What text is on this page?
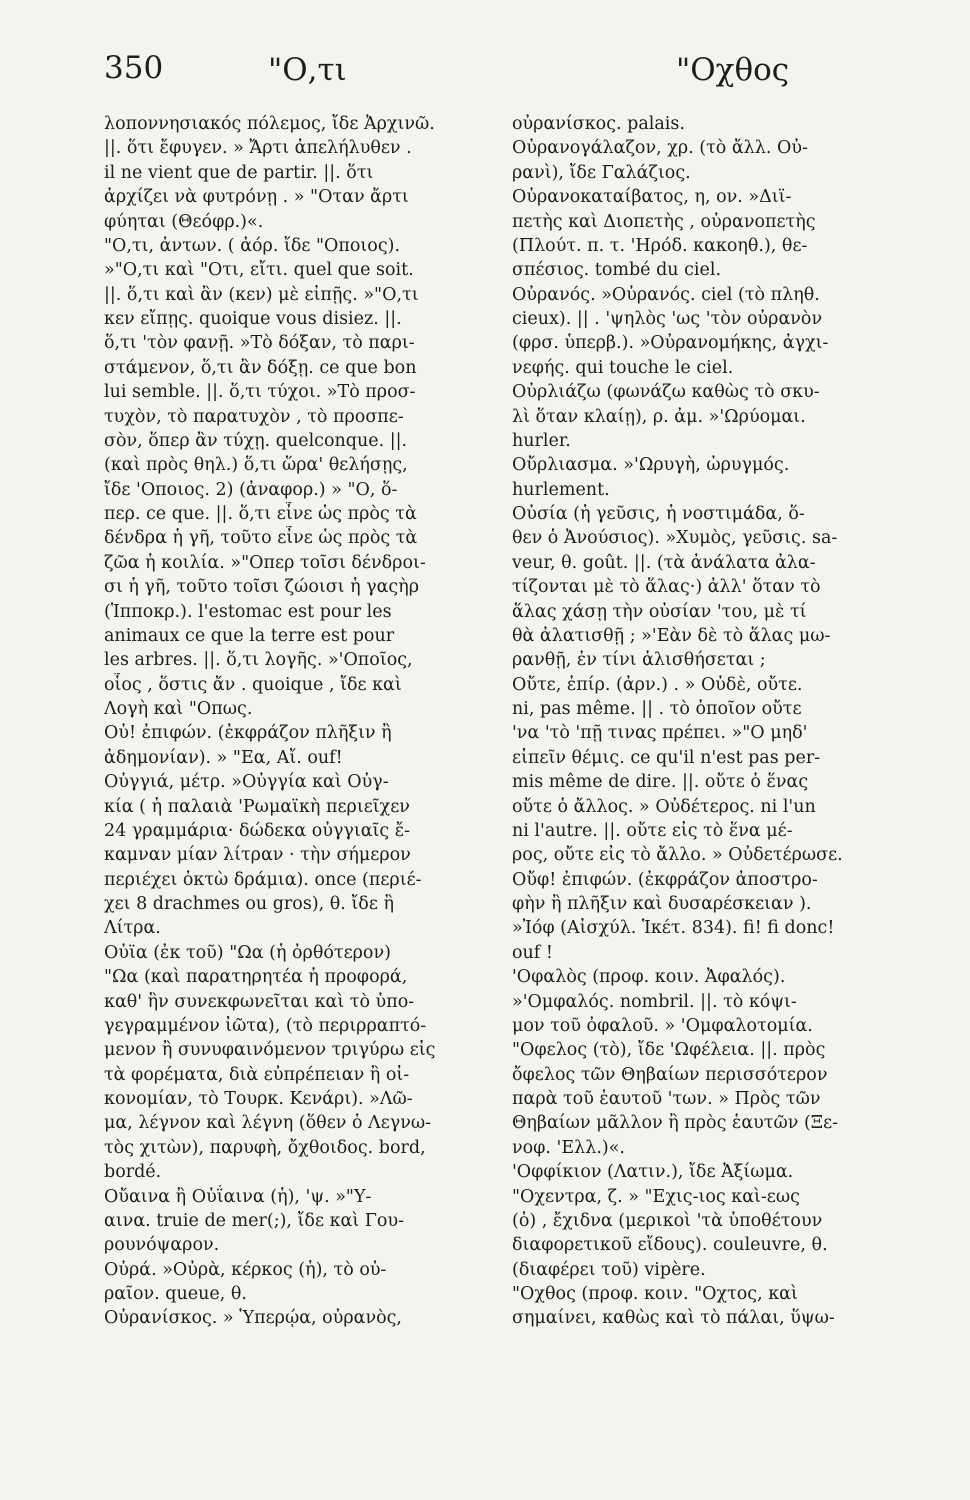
350	"Ο,τι	"Οχθος
λοποννησιακός πόλεμος, ἴδε Ἀρχινῶ.
||. ὅτι ἔφυγεν. » Ἄρτι ἀπελήλυθεν .
il ne vient que de partir. ||. ὅτι
ἀρχίζει νὰ φυτρόνῃ . » "Οταν ἄρτι
φύηται (Θεόφρ.)«.
"Ο,τι, ἀντων. ( ἀόρ. ἴδε "Οποιος).
»"Ο,τι καὶ "Οτι, εἴτι. quel que soit.
||. ὅ,τι καὶ ἂν (κεν) μὲ εἰπῇς. »"Ο,τι
κεν εἴπῃς. quoique vous disiez. ||.
ὅ,τι 'τὸν φανῇ. »Τὸ δόξαν, τὸ παρι-
στάμενον, ὅ,τι ἂν δόξῃ. ce que bon
lui semble. ||. ὅ,τι τύχοι. »Τὸ προσ-
τυχὸν, τὸ παρατυχὸν , τὸ προσπε-
σὸν, ὅπερ ἂν τύχῃ. quelconque. ||.
(καὶ πρὸς θηλ.) ὅ,τι ὥρα' θελήσῃς,
ἴδε 'Οποιος. 2) (ἀναφορ.) » "Ο, ὅ-
περ. ce que. ||. ὅ,τι εἶνε ὡς πρὸς τὰ
δένδρα ἡ γῆ, τοῦτο εἶνε ὡς πρὸς τὰ
ζῶα ἡ κοιλία. »"Οπερ τοῖσι δένδροι-
σι ἡ γῆ, τοῦτο τοῖσι ζώοισι ἡ γαςὴρ
(Ἱπποκρ.). l'estomac est pour les
animaux ce que la terre est pour
les arbres. ||. ὅ,τι λογῆς. »'Οποῖος,
οἷος , ὅστις ἄν . quoique , ἴδε καὶ
Λογὴ καὶ "Οπως.
Οὐ! ἐπιφών. (ἐκφράζον πλῆξιν ἢ
ἀδημονίαν). » "Εα, Αἴ. ouf!
Οὐγγιά, μέτρ. »Οὐγγία καὶ Οὐγ-
κία ( ἡ παλαιὰ 'Ρωμαϊκὴ περιεῖχεν
24 γραμμάρια· δώδεκα οὐγγιαῖς ἔ-
καμναν μίαν λίτραν · τὴν σήμερον
περιέχει ὀκτὼ δράμια). once (περιέ-
χει 8 drachmes ou gros), θ. ἴδε ἢ
Λίτρα.
Οὐϊα (ἐκ τοῦ) "Ωα (ἡ ὀρθότερον)
"Ωα (καὶ παρατηρητέα ἡ προφορά,
καθ' ἣν συνεκφωνεῖται καὶ τὸ ὑπο-
γεγραμμένον ἰῶτα), (τὸ περιρραπτό-
μενον ἢ συνυφαινόμενον τριγύρω εἰς
τὰ φορέματα, διὰ εὐπρέπειαν ἢ οἰ-
κονομίαν, τὸ Τουρκ. Κενάρι). »Λῶ-
μα, λέγνον καὶ λέγνη (ὅθεν ὁ Λεγνω-
τὸς χιτὼν), παρυφὴ, ὄχθοιδος. bord,
bordé.
Οὔαινα ἢ Οὐΐαινα (ἡ), 'ψ. »"Υ-
αινα. truie de mer(;), ἴδε καὶ Γου-
ρουνόψαρον.
Οὐρά. »Οὐρὰ, κέρκος (ἡ), τὸ οὐ-
ραῖον. queue, θ.
Οὐρανίσκος. » Ὑπερῴα, οὐρανὸς,
οὐρανίσκος. palais.
Οὐρανογάλαζον, χρ. (τὸ ἄλλ. Οὐ-
ρανὶ), ἴδε Γαλάζιος.
Οὐρανοκαταίβατος, η, ον. »Διϊ-
πετὴς καὶ Διοπετὴς , οὐρανοπετὴς
(Πλούτ. π. τ. 'Ηρόδ. κακοηθ.), θε-
σπέσιος. tombé du ciel.
Οὐρανός. »Οὐρανός. ciel (τὸ πληθ.
cieux). || . 'ψηλὸς 'ως 'τὸν οὐρανὸν
(φρσ. ὑπερβ.). »Οὐρανομήκης, ἀγχι-
νεφής. qui touche le ciel.
Οὐρλιάζω (φωνάζω καθὼς τὸ σκυ-
λὶ ὅταν κλαίῃ), ρ. ἀμ. »'Ωρύομαι.
hurler.
Οὔρλιασμα. »'Ωρυγὴ, ὠρυγμός.
hurlement.
Οὐσία (ἡ γεῦσις, ἡ νοστιμάδα, ὅ-
θεν ὁ Ἀνούσιος). »Χυμὸς, γεῦσις. sa-
veur, θ. goût. ||. (τὰ ἀνάλατα ἀλα-
τίζονται μὲ τὸ ἅλας·) ἀλλ' ὅταν τὸ
ἅλας χάσῃ τὴν οὐσίαν 'του, μὲ τί
θὰ ἀλατισθῇ ; »'Εὰν δὲ τὸ ἅλας μω-
ρανθῇ, ἐν τίνι ἁλισθήσεται ;
Οὔτε, ἐπίρ. (ἀρν.) . » Οὐδὲ, οὔτε.
ni, pas même. || . τὸ ὁποῖον οὔτε
'να 'τὸ 'πῇ τινας πρέπει. »"Ο μηδ'
εἰπεῖν θέμις. ce qu'il n'est pas per-
mis même de dire. ||. οὔτε ὁ ἕνας
οὔτε ὁ ἄλλος. » Οὐδέτερος. ni l'un
ni l'autre. ||. οὔτε εἰς τὸ ἕνα μέ-
ρος, οὔτε εἰς τὸ ἄλλο. » Οὐδετέρωσε.
Οὔφ! ἐπιφών. (ἐκφράζον ἀποστρο-
φὴν ἢ πλῆξιν καὶ δυσαρέσκειαν ).
»Ἰόφ (Αἰσχύλ. Ἱκέτ. 834). fi! fi donc!
ouf !
'Οφαλὸς (προφ. κοιν. Ἀφαλός).
»'Ομφαλός. nombril. ||. τὸ κόψι-
μον τοῦ ὀφαλοῦ. » 'Ομφαλοτομία.
"Οφελος (τὸ), ἴδε 'Ωφέλεια. ||. πρὸς
ὄφελος τῶν Θηβαίων περισσότερον
παρὰ τοῦ ἑαυτοῦ 'των. » Πρὸς τῶν
Θηβαίων μᾶλλον ἢ πρὸς ἑαυτῶν (Ξε-
νοφ. 'Ελλ.)«.
'Οφφίκιον (Λατιν.), ἴδε Ἀξίωμα.
"Οχεντρα, ζ. » "Εχις-ιος καὶ-εως
(ὁ) , ἔχιδνα (μερικοὶ 'τὰ ὑποθέτουν
διαφορετικοῦ εἴδους). couleuvre, θ.
(διαφέρει τοῦ) vipère.
"Οχθος (προφ. κοιν. "Οχτος, καὶ
σημαίνει, καθὼς καὶ τὸ πάλαι, ὕψω-
